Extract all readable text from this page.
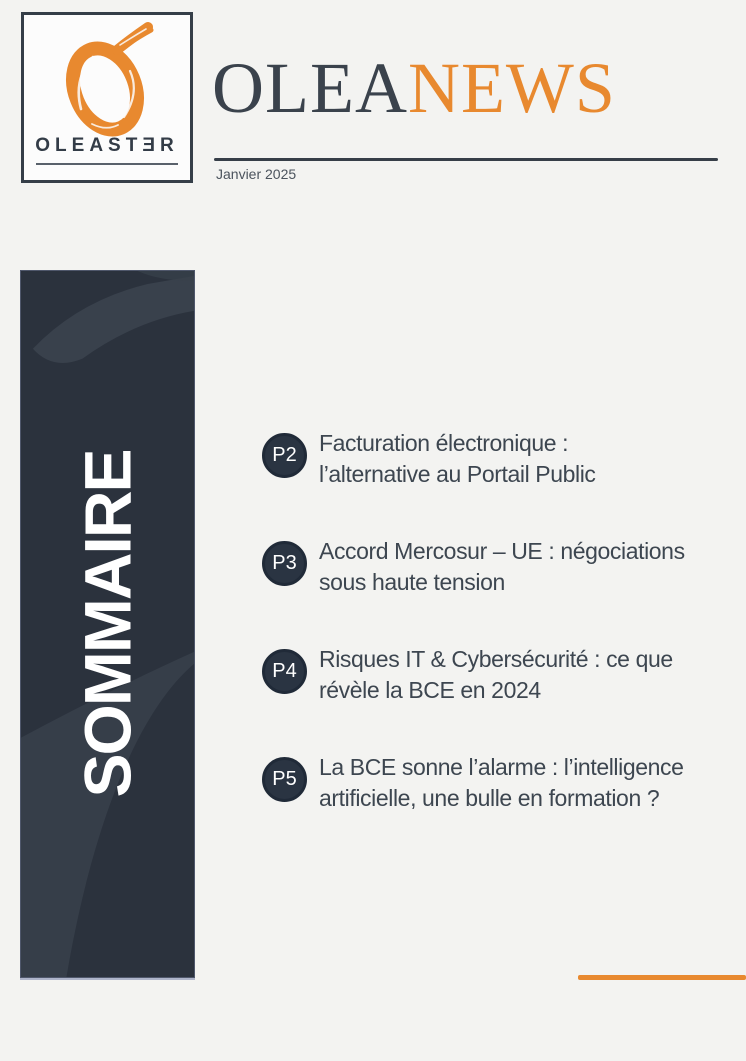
OLEASTƎR
OLEANEWS
Janvier 2025
SOMMAIRE	P2 Facturation électronique :
l’alternative au Portail Public
P3 Accord Mercosur – UE : négociations
sous haute tension
P4 Risques IT & Cybersécurité : ce que
révèle la BCE en 2024
P5 La BCE sonne l’alarme : l’intelligence
artificielle, une bulle en formation ?
